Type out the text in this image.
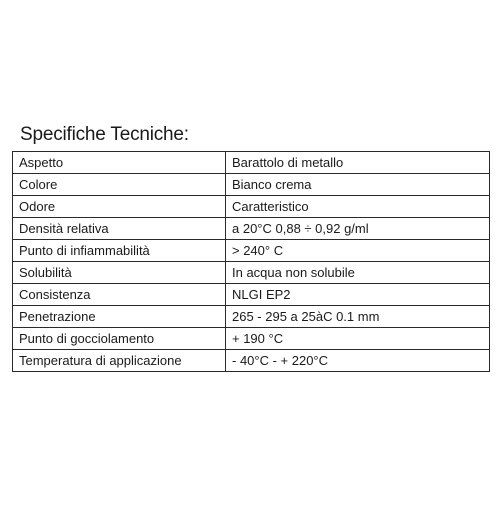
Specifiche Tecniche:
Aspetto	Barattolo di metallo
Colore	Bianco crema
Odore	Caratteristico
Densità relativa	a 20°C 0,88 ÷ 0,92 g/ml
Punto di infiammabilità	> 240° C
Solubilità	In acqua non solubile
Consistenza	NLGI EP2
Penetrazione	265 - 295 a 25àC 0.1 mm
Punto di gocciolamento	+ 190 °C
Temperatura di applicazione	- 40°C - + 220°C
